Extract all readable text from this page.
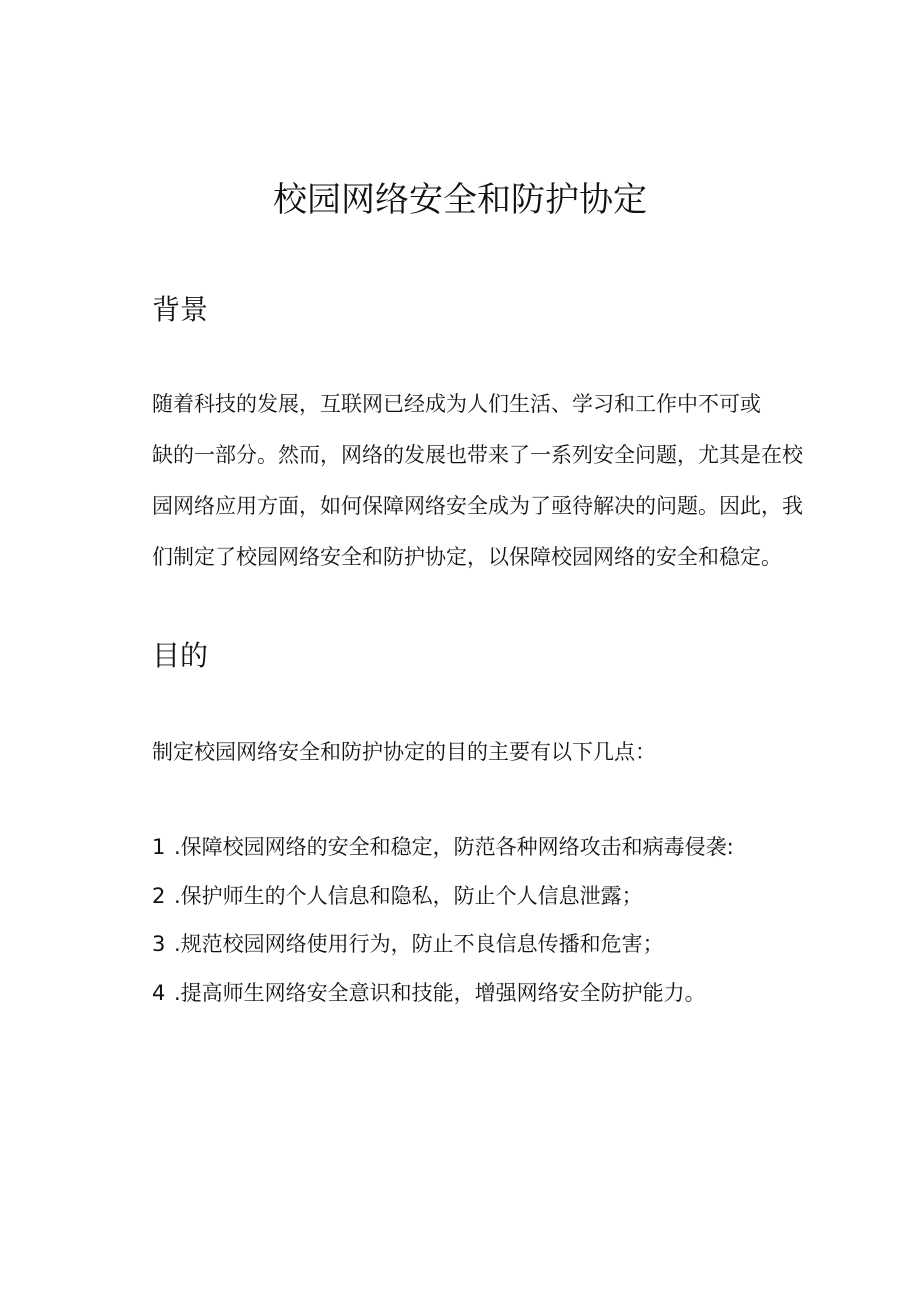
校园网络安全和防护协定
背景
随着科技的发展，互联网已经成为人们生活、学习和工作中不可或
缺的一部分。然而，网络的发展也带来了一系列安全问题，尤其是在校
园网络应用方面，如何保障网络安全成为了亟待解决的问题。因此，我
们制定了校园网络安全和防护协定，以保障校园网络的安全和稳定。
目的

制定校园网络安全和防护协定的目的主要有以下几点：

1 .保障校园网络的安全和稳定，防范各种网络攻击和病毒侵袭:
2 .保护师生的个人信息和隐私，防止个人信息泄露；
3 .规范校园网络使用行为，防止不良信息传播和危害；
4 .提高师生网络安全意识和技能，增强网络安全防护能力。
